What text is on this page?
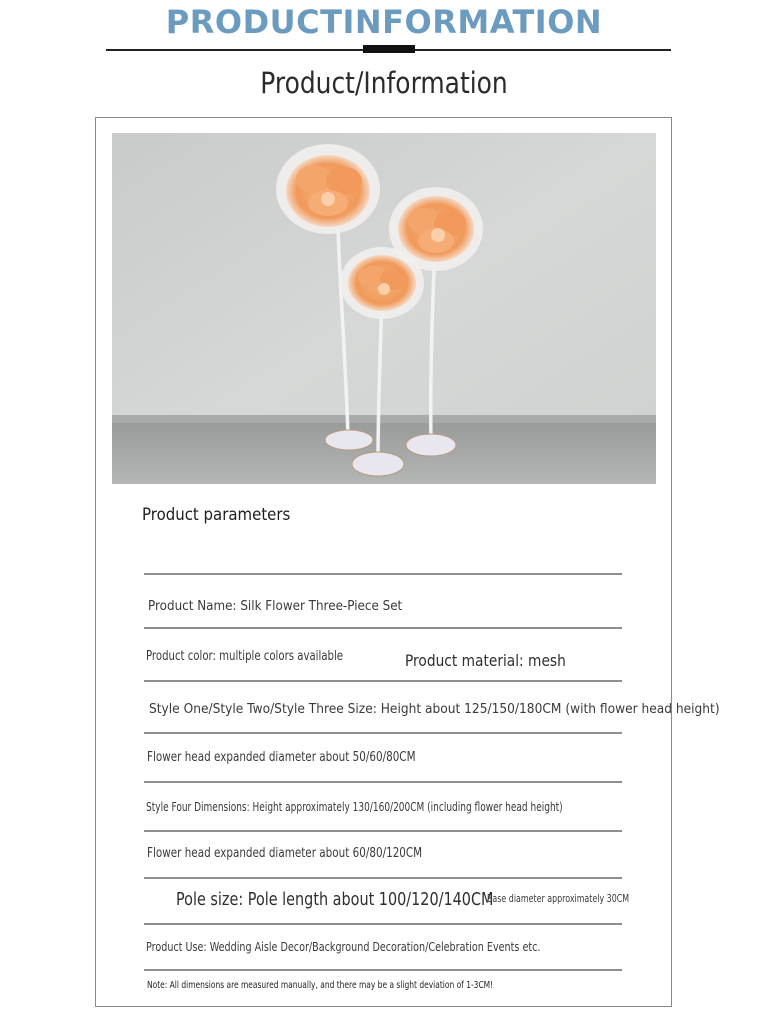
PRODUCTINFORMATION
Product/Information
Product parameters
Product Name: Silk Flower Three-Piece Set
Product color: multiple colors available	Product material: mesh
Style One/Style Two/Style Three Size: Height about 125/150/180CM (with flower head height)
Flower head expanded diameter about 50/60/80CM
Style Four Dimensions: Height approximately 130/160/200CM (including flower head height)
Flower head expanded diameter about 60/80/120CM
Pole size: Pole length about 100/120/140CM
Base diameter approximately 30CM
Product Use: Wedding Aisle Decor/Background Decoration/Celebration Events etc.
Note: All dimensions are measured manually, and there may be a slight deviation of 1-3CM!
